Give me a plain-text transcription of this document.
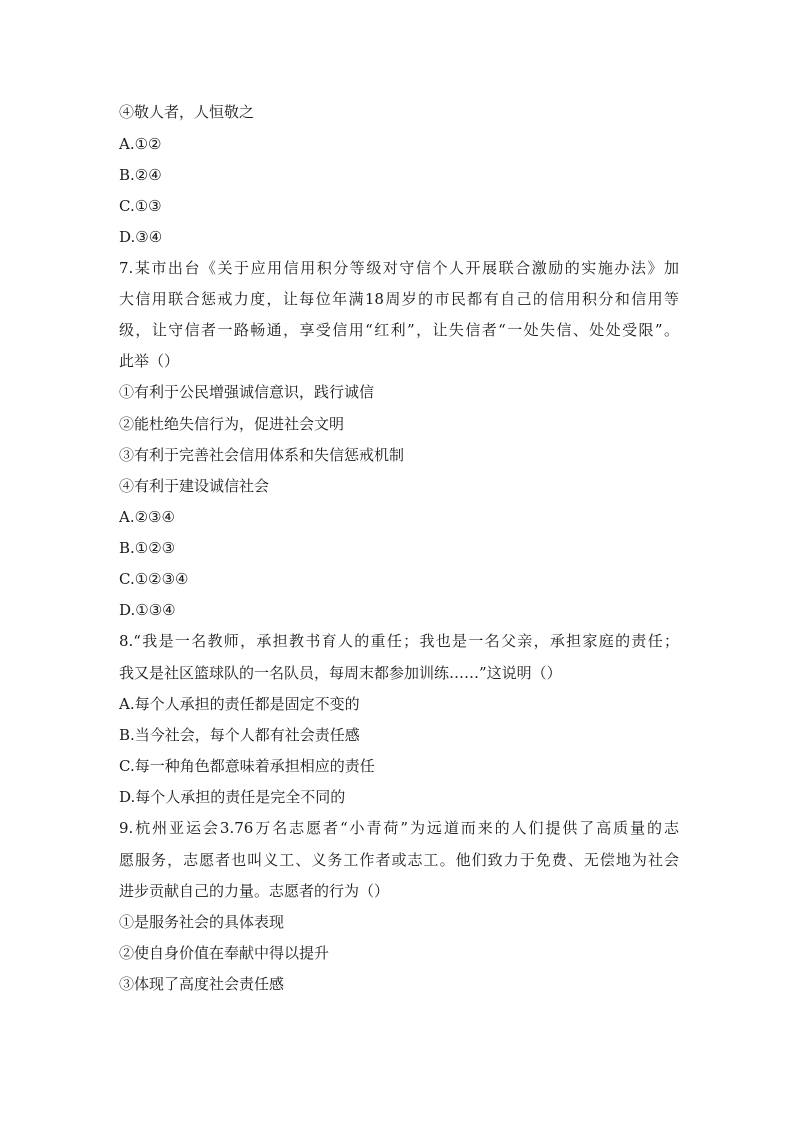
④敬人者，人恒敬之
A.①②
B.②④
C.①③
D.③④
7.某市出台《关于应用信用积分等级对守信个人开展联合激励的实施办法》加
大信用联合惩戒力度，让每位年满18周岁的市民都有自己的信用积分和信用等
级，让守信者一路畅通，享受信用“红利”，让失信者“一处失信、处处受限”。
此举（）
①有利于公民增强诚信意识，践行诚信
②能杜绝失信行为，促进社会文明
③有利于完善社会信用体系和失信惩戒机制
④有利于建设诚信社会
A.②③④
B.①②③
C.①②③④
D.①③④
8.“我是一名教师，承担教书育人的重任；我也是一名父亲，承担家庭的责任；
我又是社区篮球队的一名队员，每周末都参加训练……”这说明（）
A.每个人承担的责任都是固定不变的
B.当今社会，每个人都有社会责任感
C.每一种角色都意味着承担相应的责任
D.每个人承担的责任是完全不同的
9.杭州亚运会3.76万名志愿者“小青荷”为远道而来的人们提供了高质量的志
愿服务，志愿者也叫义工、义务工作者或志工。他们致力于免费、无偿地为社会
进步贡献自己的力量。志愿者的行为（）
①是服务社会的具体表现
②使自身价值在奉献中得以提升
③体现了高度社会责任感
